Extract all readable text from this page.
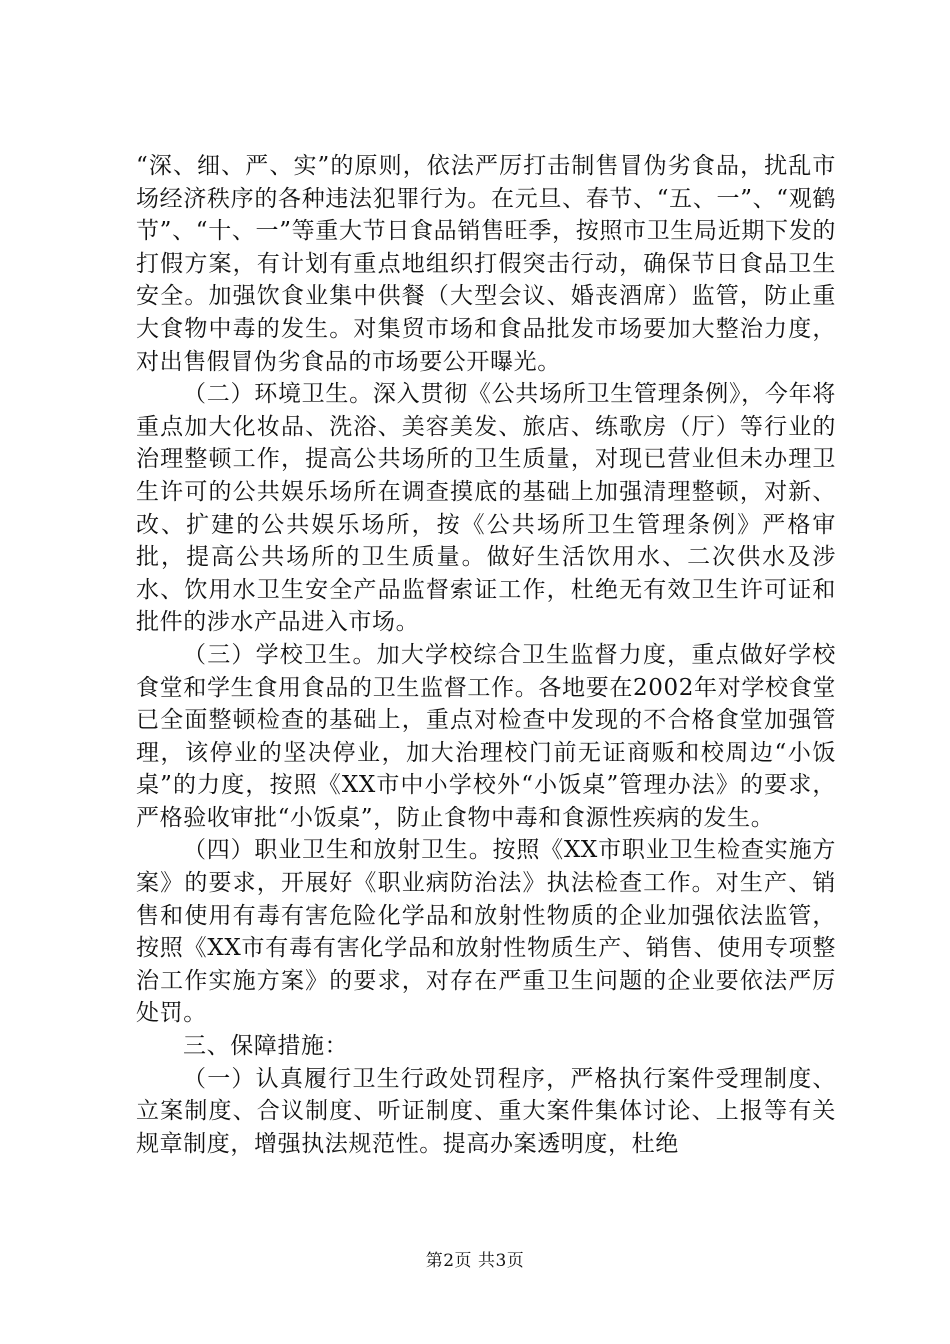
“深、细、严、实”的原则，依法严厉打击制售冒伪劣食品，扰乱市场经济秩序的各种违法犯罪行为。在元旦、春节、“五、一”、“观鹤节”、“十、一”等重大节日食品销售旺季，按照市卫生局近期下发的打假方案，有计划有重点地组织打假突击行动，确保节日食品卫生安全。加强饮食业集中供餐（大型会议、婚丧酒席）监管，防止重大食物中毒的发生。对集贸市场和食品批发市场要加大整治力度，对出售假冒伪劣食品的市场要公开曝光。

（二）环境卫生。深入贯彻《公共场所卫生管理条例》，今年将重点加大化妆品、洗浴、美容美发、旅店、练歌房（厅）等行业的治理整顿工作，提高公共场所的卫生质量，对现已营业但未办理卫生许可的公共娱乐场所在调查摸底的基础上加强清理整顿，对新、改、扩建的公共娱乐场所，按《公共场所卫生管理条例》严格审批，提高公共场所的卫生质量。做好生活饮用水、二次供水及涉水、饮用水卫生安全产品监督索证工作，杜绝无有效卫生许可证和批件的涉水产品进入市场。

（三）学校卫生。加大学校综合卫生监督力度，重点做好学校食堂和学生食用食品的卫生监督工作。各地要在2002年对学校食堂已全面整顿检查的基础上，重点对检查中发现的不合格食堂加强管理，该停业的坚决停业，加大治理校门前无证商贩和校周边“小饭桌”的力度，按照《XX市中小学校外“小饭桌”管理办法》的要求，严格验收审批“小饭桌”，防止食物中毒和食源性疾病的发生。

（四）职业卫生和放射卫生。按照《XX市职业卫生检查实施方案》的要求，开展好《职业病防治法》执法检查工作。对生产、销售和使用有毒有害危险化学品和放射性物质的企业加强依法监管，按照《XX市有毒有害化学品和放射性物质生产、销售、使用专项整治工作实施方案》的要求，对存在严重卫生问题的企业要依法严厉处罚。

三、保障措施：

（一）认真履行卫生行政处罚程序，严格执行案件受理制度、立案制度、合议制度、听证制度、重大案件集体讨论、上报等有关规章制度，增强执法规范性。提高办案透明度，杜绝

第2页 共3页
